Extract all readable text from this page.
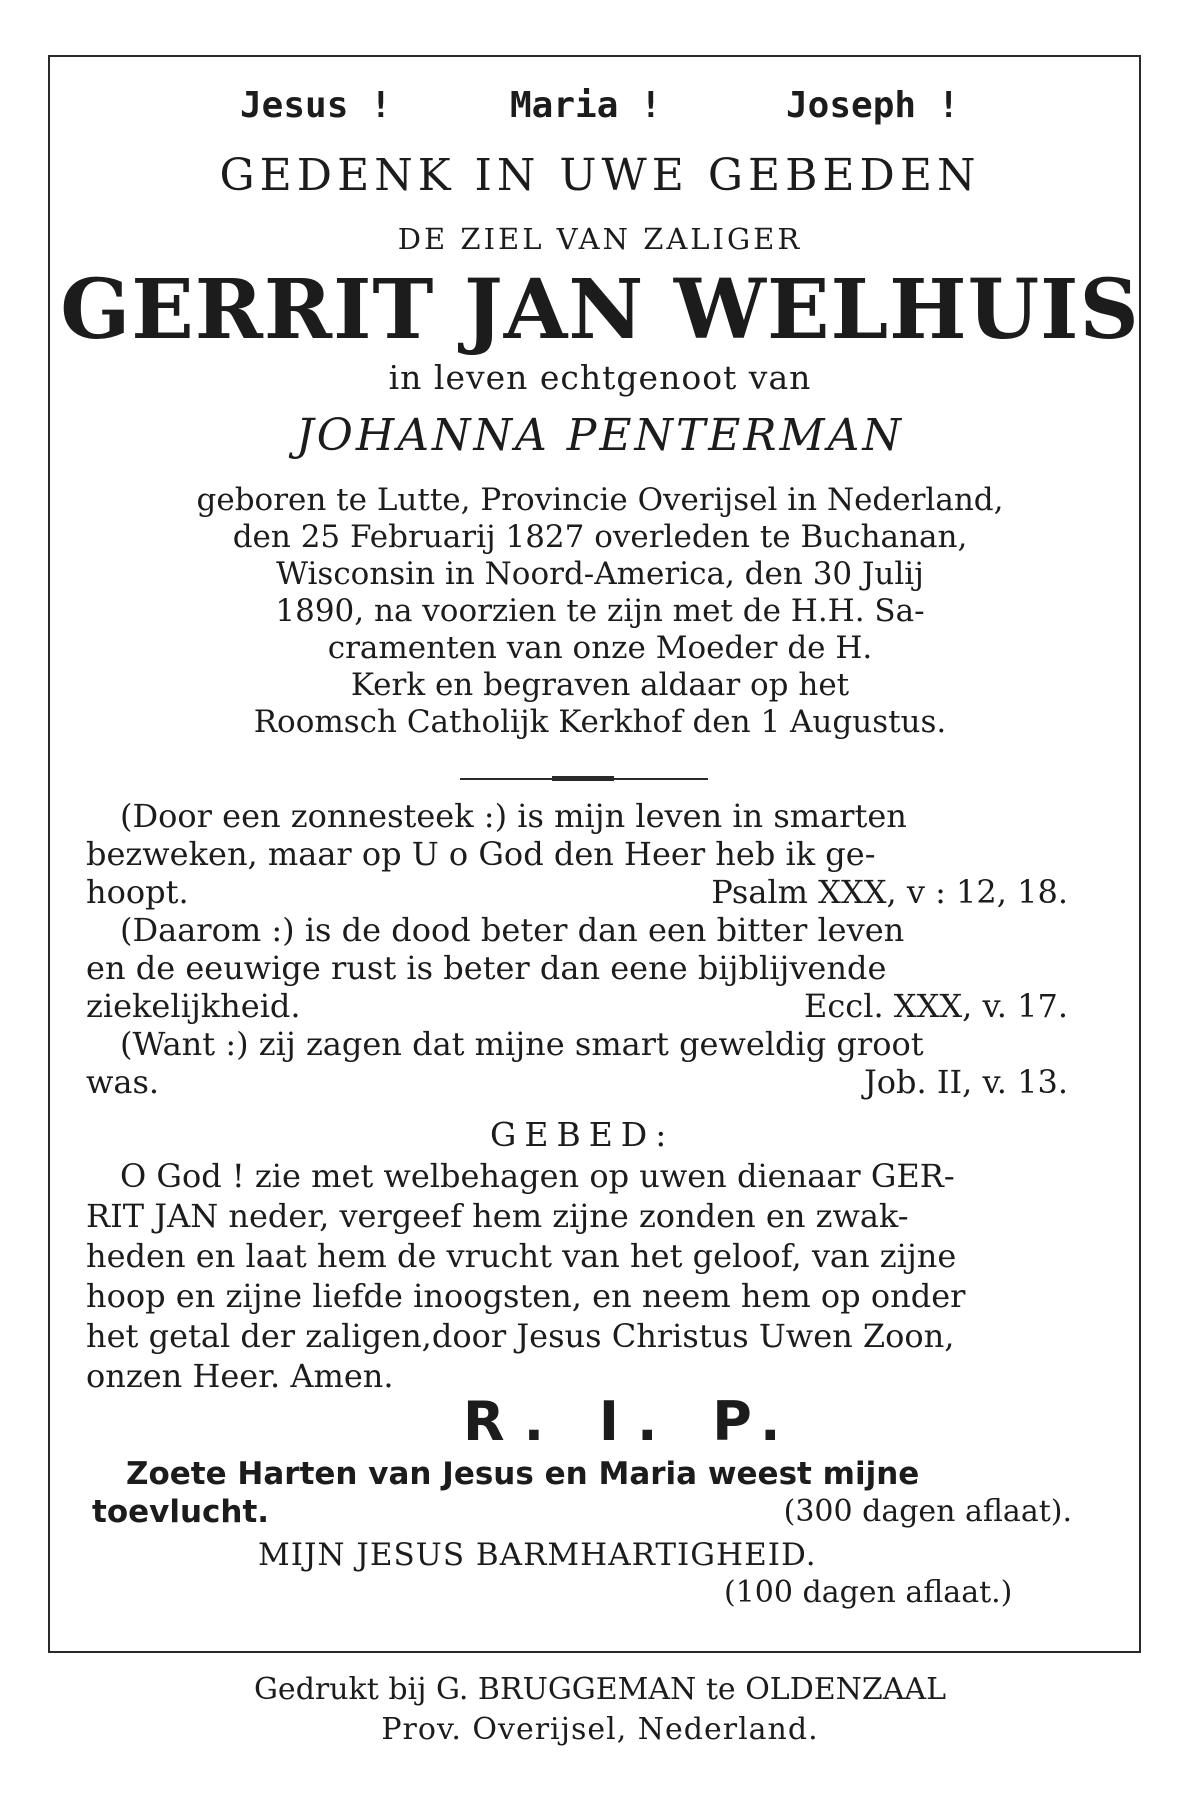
Jesus !	Maria !	Joseph !
GEDENK IN UWE GEBEDEN
DE ZIEL VAN ZALIGER
GERRIT JAN WELHUIS
in leven echtgenoot van
JOHANNA PENTERMAN
geboren te Lutte, Provincie Overijsel in Nederland,
den 25 Februarij 1827 overleden te Buchanan,
Wisconsin in Noord-America, den 30 Julij
1890, na voorzien te zijn met de H.H. Sa-
cramenten van onze Moeder de H.
Kerk en begraven aldaar op het
Roomsch Catholijk Kerkhof den 1 Augustus.
(Door een zonnesteek :) is mijn leven in smarten
bezweken, maar op U o God den Heer heb ik ge-
hoopt.	Psalm XXX, v : 12, 18.
(Daarom :) is de dood beter dan een bitter leven
en de eeuwige rust is beter dan eene bijblijvende
ziekelijkheid.	Eccl. XXX, v. 17.
(Want :) zij zagen dat mijne smart geweldig groot
was.	Job. II, v. 13.
GEBED:
O God ! zie met welbehagen op uwen dienaar GER-
RIT JAN neder, vergeef hem zijne zonden en zwak-
heden en laat hem de vrucht van het geloof, van zijne
hoop en zijne liefde inoogsten, en neem hem op onder
het getal der zaligen,door Jesus Christus Uwen Zoon,
onzen Heer. Amen.
R. I. P.
Zoete Harten van Jesus en Maria weest mijne
toevlucht.	(300 dagen aflaat).
MIJN JESUS BARMHARTIGHEID.
(100 dagen aflaat.)
Gedrukt bij G. BRUGGEMAN te OLDENZAAL
Prov. Overijsel, Nederland.
